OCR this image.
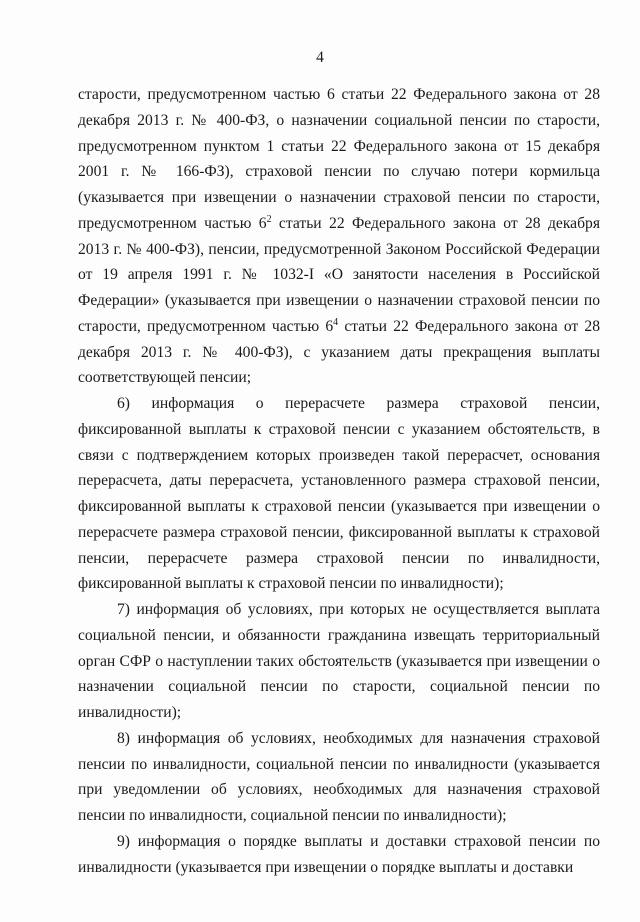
4

старости, предусмотренном частью 6 статьи 22 Федерального закона от 28 декабря 2013 г. № 400-ФЗ, о назначении социальной пенсии по старости, предусмотренном пунктом 1 статьи 22 Федерального закона от 15 декабря 2001 г. № 166-ФЗ), страховой пенсии по случаю потери кормильца (указывается при извещении о назначении страховой пенсии по старости, предусмотренном частью $6^2$ статьи 22 Федерального закона от 28 декабря 2013 г. № 400-ФЗ), пенсии, предусмотренной Законом Российской Федерации от 19 апреля 1991 г. № 1032-I «О занятости населения в Российской Федерации» (указывается при извещении о назначении страховой пенсии по старости, предусмотренном частью $6^4$ статьи 22 Федерального закона от 28 декабря 2013 г. № 400-ФЗ), с указанием даты прекращения выплаты соответствующей пенсии;

6) информация о перерасчете размера страховой пенсии, фиксированной выплаты к страховой пенсии с указанием обстоятельств, в связи с подтверждением которых произведен такой перерасчет, основания перерасчета, даты перерасчета, установленного размера страховой пенсии, фиксированной выплаты к страховой пенсии (указывается при извещении о перерасчете размера страховой пенсии, фиксированной выплаты к страховой пенсии, перерасчете размера страховой пенсии по инвалидности, фиксированной выплаты к страховой пенсии по инвалидности);

7) информация об условиях, при которых не осуществляется выплата социальной пенсии, и обязанности гражданина извещать территориальный орган СФР о наступлении таких обстоятельств (указывается при извещении о назначении социальной пенсии по старости, социальной пенсии по инвалидности);

8) информация об условиях, необходимых для назначения страховой пенсии по инвалидности, социальной пенсии по инвалидности (указывается при уведомлении об условиях, необходимых для назначения страховой пенсии по инвалидности, социальной пенсии по инвалидности);

9) информация о порядке выплаты и доставки страховой пенсии по инвалидности (указывается при извещении о порядке выплаты и доставки
